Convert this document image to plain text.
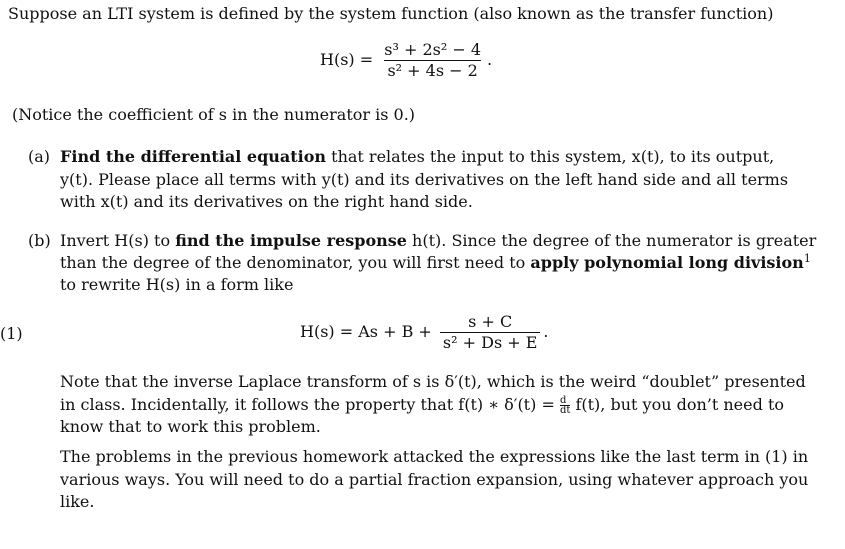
Suppose an LTI system is defined by the system function (also known as the transfer function)
$H(s) = \frac{\text{s³ + 2s² − 4}}{\text{s² + 4s − 2}}$ .
(Notice the coefficient of s in the numerator is 0.)
(a) Find the differential equation that relates the input to this system, x(t), to its output,
y(t). Please place all terms with y(t) and its derivatives on the left hand side and all terms
with x(t) and its derivatives on the right hand side.
(b) Invert H(s) to find the impulse response h(t). Since the degree of the numerator is greater
than the degree of the denominator, you will first need to apply polynomial long division$^1$
to rewrite H(s) in a form like
$H(s) = As + B + \frac{s + C}{\text{s² + Ds + E}}$ .
(1)
Note that the inverse Laplace transform of s is δ′(t), which is the weird “doublet” presented
in class. Incidentally, it follows the property that f(t) ∗ $\delta'(t) = \frac{d}{dt} f(t)$, but you don’t need to
know that to work this problem.
The problems in the previous homework attacked the expressions like the last term in (1) in
various ways. You will need to do a partial fraction expansion, using whatever approach you
like.
